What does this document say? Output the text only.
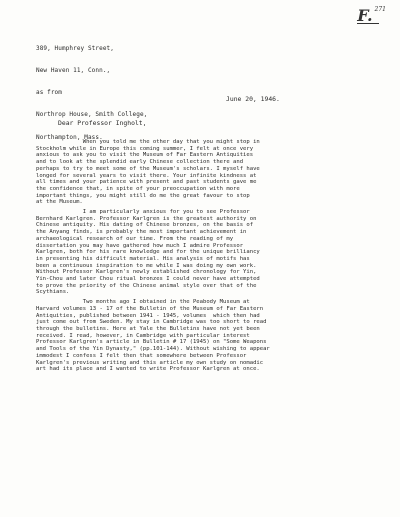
F. $^{271}$

389, Humphrey Street,

New Haven 11, Conn.,

as from

Northrop House, Smith College,

Northampton, Mass.

June 20, 1946.
Dear Professor Ingholt,

When you told me the other day that you might stop in
Stockholm while in Europe this coming summer, I felt at once very
anxious to ask you to visit the Museum of Far Eastern Antiquities
and to look at the splendid early Chinese collection there and
perhaps to try to meet some of the Museum's scholars. I myself have
longed for several years to visit there. Your infinite kindness at
all times and your patience with present and past students gave me
the confidence that, in spite of your preoccupation with more
important things, you might still do me the great favour to stop
at the Museum.

I am particularly anxious for you to see Professor
Bernhard Karlgren. Professor Karlgren is the greatest authority on
Chinese antiquity. His dating of Chinese bronzes, on the basis of
the Anyang finds, is probably the most important achievement in
archaeological research of our time. From the reading of my
dissertation you may have gathered how much I admire Professor
Karlgren, both for his rare knowledge and for the unique brilliancy
in presenting his difficult material. His analysis of motifs has
been a continuous inspiration to me while I was doing my own work.
Without Professor Karlgren's newly established chronology for Yin,
Yin-Chou and later Chou ritual bronzes I could never have attempted
to prove the priority of the Chinese animal style over that of the
Scythians.

Two months ago I obtained in the Peabody Museum at
Harvard volumes 13 - 17 of the Bulletin of the Museum of Far Eastern
Antiquities, published between 1941 - 1945, volumes  which then had
just come out from Sweden. My stay in Cambridge was too short to read
through the bulletins. Here at Yale the Bulletins have not yet been
received. I read, however, in Cambridge with particular interest
Professor Karlgren's article in Bulletin # 17 (1945) on "Some Weapons
and Tools of the Yin Dynasty," (pp.101-144). Without wishing to appear
immodest I confess I felt then that somewhere between Professor
Karlgren's previous writing and this article my own study on nomadic
art had its place and I wanted to write Professor Karlgren at once.
